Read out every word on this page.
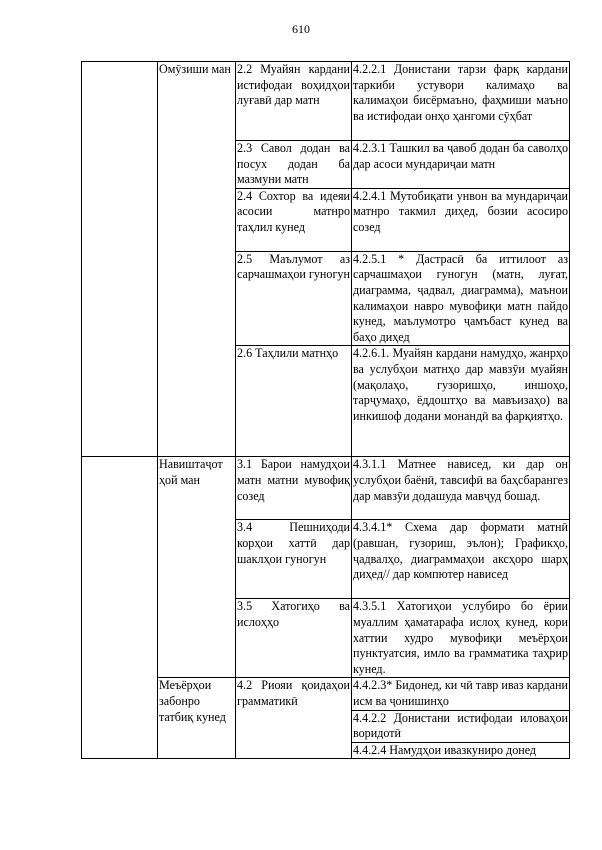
610
	Омӯзиши ман	2.2 Муайян кардани истифодаи воҳидҳои луғавӣ дар матн	4.2.2.1 Донистани тарзи фарқ кардани таркиби устувори калимаҳо ва калимаҳои бисёрмаъно, фаҳмиши маъно ва истифодаи онҳо ҳангоми сӯҳбат
		2.3 Савол додан ва посух додан ба мазмуни матн	4.2.3.1 Ташкил ва ҷавоб додан ба саволҳо дар асоси мундариҷаи матн
		2.4 Сохтор ва идеяи асосии матнро таҳлил кунед	4.2.4.1 Мутобиқати унвон ва мундариҷаи матнро такмил диҳед, бозии асосиро созед
		2.5 Маълумот аз сарчашмаҳои гуногун	4.2.5.1 * Дастрасӣ ба иттилоот аз сарчашмаҳои гуногун (матн, луғат, диаграмма, ҷадвал, диаграмма), маънои калимаҳои навро мувофиқи матн пайдо кунед, маълумотро ҷамъбаст кунед ва баҳо диҳед
		2.6 Таҳлили матнҳо	4.2.6.1. Муайян кардани намудҳо, жанрҳо ва услубҳои матнҳо дар мавзӯи муайян (мақолаҳо, гузоришҳо, иншоҳо, тарҷумаҳо, ёддоштҳо ва мавъизаҳо) ва инкишоф додани монандӣ ва фарқиятҳо.
	Навиштаҷот ҳой ман	3.1 Барои намудҳои матн матни мувофиқ созед	4.3.1.1 Матнее нависед, ки дар он услубҳои баёнӣ, тавсифӣ ва баҳсбарангез дар мавзӯи додашуда мавҷуд бошад.
		3.4 Пешниҳоди корҳои хаттӣ дар шаклҳои гуногун	4.3.4.1* Схема дар формати матнӣ (равшан, гузориш, эълон); Графикҳо, ҷадвалҳо, диаграммаҳои аксҳоро шарҳ диҳед// дар компютер нависед
		3.5 Хатогиҳо ва ислоҳҳо	4.3.5.1 Хатогиҳои услубиро бо ёрии муаллим ҳаматарафа ислоҳ кунед, кори хаттии худро мувофиқи меъёрҳои пунктуатсия, имло ва грамматика таҳрир кунед.
	Меъёрҳои забонро татбиқ кунед	4.2 Риояи қоидаҳои грамматикӣ	4.4.2.3* Бидонед, ки чӣ тавр иваз кардани исм ва ҷонишинҳо
			4.4.2.2 Донистани истифодаи иловаҳои воридотӣ
			4.4.2.4 Намудҳои ивазкуниро донед
